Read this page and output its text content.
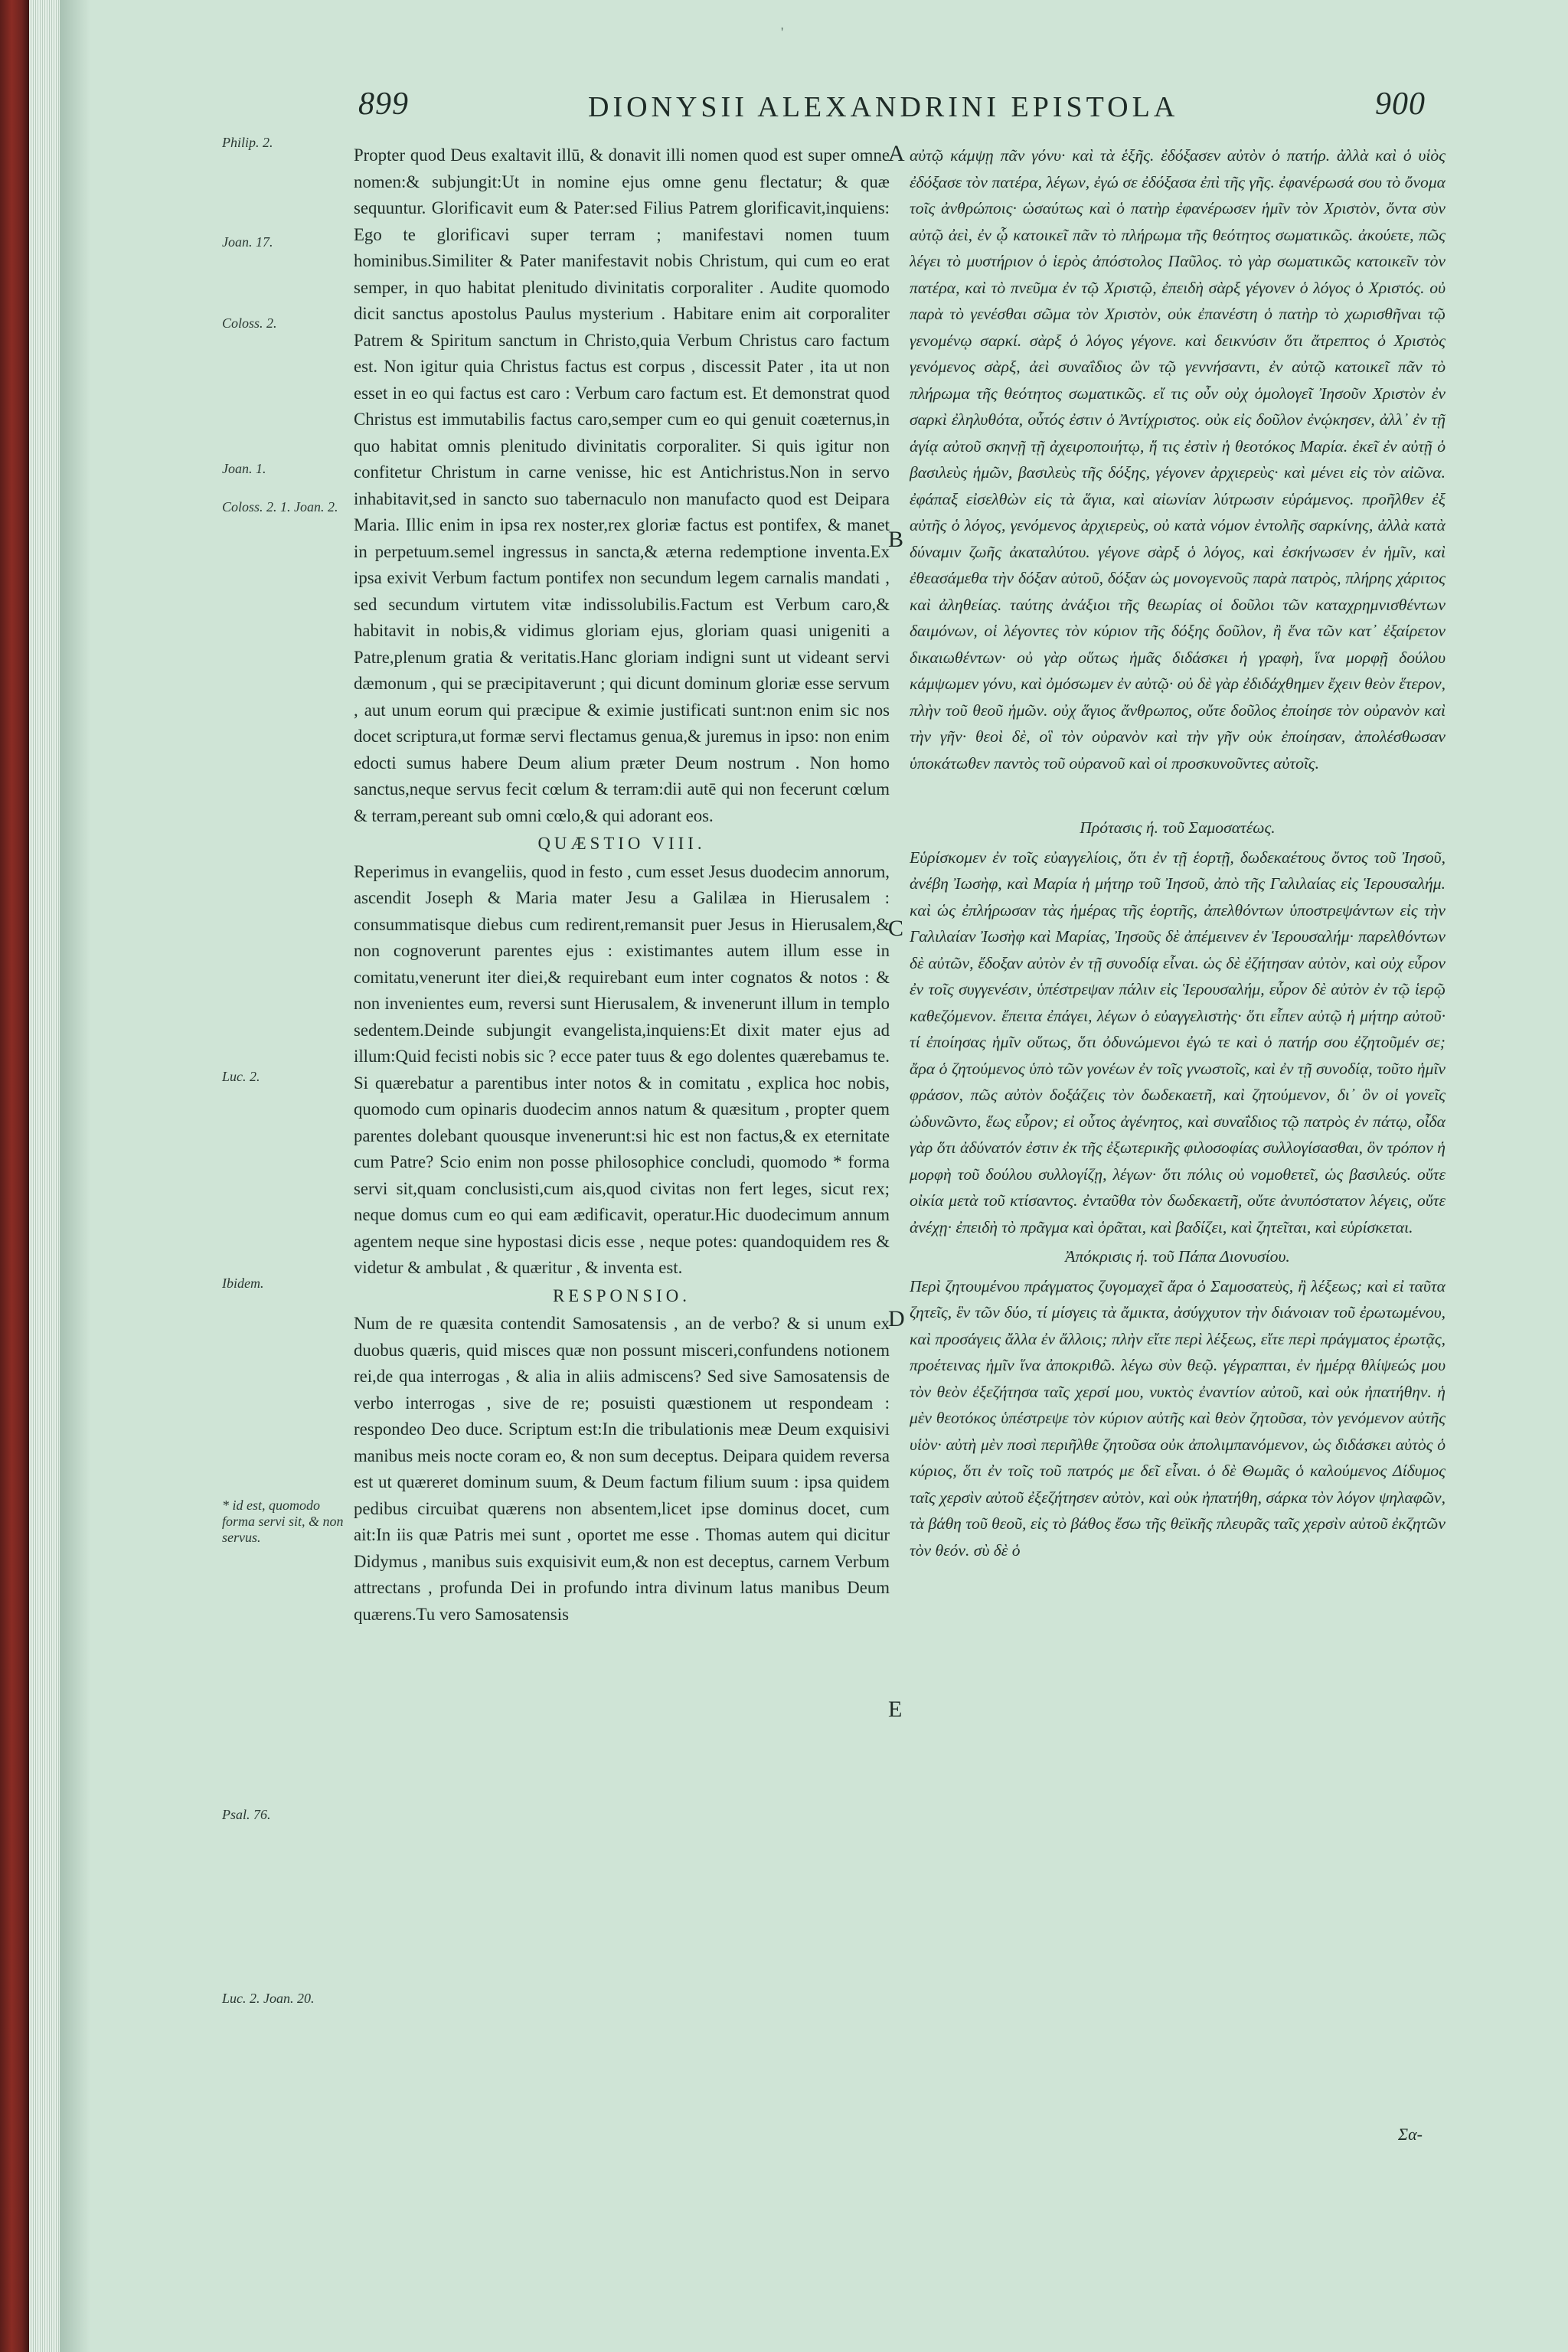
'
899	DIONYSII ALEXANDRINI EPISTOLA	900
Philip. 2.
Joan. 17.
Coloss. 2.
Joan. 1.
Coloss. 2. 1. Joan. 2.
Luc. 2.
Ibidem.
* id est, quomodo forma servi sit, & non servus.
Psal. 76.
Luc. 2. Joan. 20.
A
B
C
D
E

Propter quod Deus exaltavit illū, & donavit illi nomen quod est super omne nomen:& subjungit:Ut in nomine ejus omne genu flectatur; & quæ sequuntur. Glorificavit eum & Pater:sed Filius Patrem glorificavit,inquiens: Ego te glorificavi super terram ; manifestavi nomen tuum hominibus.Similiter & Pater manifestavit nobis Christum, qui cum eo erat semper, in quo habitat plenitudo divinitatis corporaliter . Audite quomodo dicit sanctus apostolus Paulus mysterium . Habitare enim ait corporaliter Patrem & Spiritum sanctum in Christo,quia Verbum Christus caro factum est. Non igitur quia Christus factus est corpus , discessit Pater , ita ut non esset in eo qui factus est caro : Verbum caro factum est. Et demonstrat quod Christus est immutabilis factus caro,semper cum eo qui genuit coæternus,in quo habitat omnis plenitudo divinitatis corporaliter. Si quis igitur non confitetur Christum in carne venisse, hic est Antichristus.Non in servo inhabitavit,sed in sancto suo tabernaculo non manufacto quod est Deipara Maria. Illic enim in ipsa rex noster,rex gloriæ factus est pontifex, & manet in perpetuum.semel ingressus in sancta,& æterna redemptione inventa.Ex ipsa exivit Verbum factum pontifex non secundum legem carnalis mandati , sed secundum virtutem vitæ indissolubilis.Factum est Verbum caro,& habitavit in nobis,& vidimus gloriam ejus, gloriam quasi unigeniti a Patre,plenum gratia & veritatis.Hanc gloriam indigni sunt ut videant servi dæmonum , qui se præcipitaverunt ; qui dicunt dominum gloriæ esse servum , aut unum eorum qui præcipue & eximie justificati sunt:non enim sic nos docet scriptura,ut formæ servi flectamus genua,& juremus in ipso: non enim edocti sumus habere Deum alium præter Deum nostrum . Non homo sanctus,neque servus fecit cœlum & terram:dii autē qui non fecerunt cœlum & terram,pereant sub omni cœlo,& qui adorant eos.

QUÆSTIO VIII.

Reperimus in evangeliis, quod in festo , cum esset Jesus duodecim annorum, ascendit Joseph & Maria mater Jesu a Galilæa in Hierusalem : consummatisque diebus cum redirent,remansit puer Jesus in Hierusalem,& non cognoverunt parentes ejus : existimantes autem illum esse in comitatu,venerunt iter diei,& requirebant eum inter cognatos & notos : & non invenientes eum, reversi sunt Hierusalem, & invenerunt illum in templo sedentem.Deinde subjungit evangelista,inquiens:Et dixit mater ejus ad illum:Quid fecisti nobis sic ? ecce pater tuus & ego dolentes quærebamus te. Si quærebatur a parentibus inter notos & in comitatu , explica hoc nobis, quomodo cum opinaris duodecim annos natum & quæsitum , propter quem parentes dolebant quousque invenerunt:si hic est non factus,& ex eternitate cum Patre? Scio enim non posse philosophice concludi, quomodo * forma servi sit,quam conclusisti,cum ais,quod civitas non fert leges, sicut rex; neque domus cum eo qui eam ædificavit, operatur.Hic duodecimum annum agentem neque sine hypostasi dicis esse , neque potes: quandoquidem res & videtur & ambulat , & quæritur , & inventa est.

RESPONSIO.

Num de re quæsita contendit Samosatensis , an de verbo? & si unum ex duobus quæris, quid misces quæ non possunt misceri,confundens notionem rei,de qua interrogas , & alia in aliis admiscens? Sed sive Samosatensis de verbo interrogas , sive de re; posuisti quæstionem ut respondeam : respondeo Deo duce. Scriptum est:In die tribulationis meæ Deum exquisivi manibus meis nocte coram eo, & non sum deceptus. Deipara quidem reversa est ut quæreret dominum suum, & Deum factum filium suum : ipsa quidem pedibus circuibat quærens non absentem,licet ipse dominus docet, cum ait:In iis quæ Patris mei sunt , oportet me esse . Thomas autem qui dicitur Didymus , manibus suis exquisivit eum,& non est deceptus, carnem Verbum attrectans , profunda Dei in profundo intra divinum latus manibus Deum quærens.Tu vero Samosatensis

αὐτῷ κάμψῃ πᾶν γόνυ· καὶ τὰ ἑξῆς. ἐδόξασεν αὐτὸν ὁ πατήρ. ἀλλὰ καὶ ὁ υἱὸς ἐδόξασε τὸν πατέρα, λέγων, ἐγώ σε ἐδόξασα ἐπὶ τῆς γῆς. ἐφανέρωσά σου τὸ ὄνομα τοῖς ἀνθρώποις· ὡσαύτως καὶ ὁ πατὴρ ἐφανέρωσεν ἡμῖν τὸν Χριστὸν, ὄντα σὺν αὐτῷ ἀεὶ, ἐν ᾧ κατοικεῖ πᾶν τὸ πλήρωμα τῆς θεότητος σωματικῶς. ἀκούετε, πῶς λέγει τὸ μυστήριον ὁ ἱερὸς ἀπόστολος Παῦλος. τὸ γὰρ σωματικῶς κατοικεῖν τὸν πατέρα, καὶ τὸ πνεῦμα ἐν τῷ Χριστῷ, ἐπειδὴ σὰρξ γέγονεν ὁ λόγος ὁ Χριστός. οὐ παρὰ τὸ γενέσθαι σῶμα τὸν Χριστὸν, οὐκ ἐπανέστη ὁ πατὴρ τὸ χωρισθῆναι τῷ γενομένῳ σαρκί. σὰρξ ὁ λόγος γέγονε. καὶ δεικνύσιν ὅτι ἄτρεπτος ὁ Χριστὸς γενόμενος σὰρξ, ἀεὶ συναΐδιος ὢν τῷ γεννήσαντι, ἐν αὐτῷ κατοικεῖ πᾶν τὸ πλήρωμα τῆς θεότητος σωματικῶς. εἴ τις οὖν οὐχ ὁμολογεῖ Ἰησοῦν Χριστὸν ἐν σαρκὶ ἐληλυθότα, οὗτός ἐστιν ὁ Ἀντίχριστος. οὐκ εἰς δοῦλον ἐνῴκησεν, ἀλλ᾽ ἐν τῇ ἁγίᾳ αὐτοῦ σκηνῇ τῇ ἀχειροποιήτῳ, ἥ τις ἐστὶν ἡ θεοτόκος Μαρία. ἐκεῖ ἐν αὐτῇ ὁ βασιλεὺς ἡμῶν, βασιλεὺς τῆς δόξης, γέγονεν ἀρχιερεὺς· καὶ μένει εἰς τὸν αἰῶνα. ἐφάπαξ εἰσελθὼν εἰς τὰ ἅγια, καὶ αἰωνίαν λύτρωσιν εὑράμενος. προῆλθεν ἐξ αὐτῆς ὁ λόγος, γενόμενος ἀρχιερεὺς, οὐ κατὰ νόμον ἐντολῆς σαρκίνης, ἀλλὰ κατὰ δύναμιν ζωῆς ἀκαταλύτου. γέγονε σὰρξ ὁ λόγος, καὶ ἐσκήνωσεν ἐν ἡμῖν, καὶ ἐθεασάμεθα τὴν δόξαν αὐτοῦ, δόξαν ὡς μονογενοῦς παρὰ πατρὸς, πλήρης χάριτος καὶ ἀληθείας. ταύτης ἀνάξιοι τῆς θεωρίας οἱ δοῦλοι τῶν καταχρημνισθέντων δαιμόνων, οἱ λέγοντες τὸν κύριον τῆς δόξης δοῦλον, ἢ ἕνα τῶν κατ᾽ ἐξαίρετον δικαιωθέντων· οὐ γὰρ οὕτως ἡμᾶς διδάσκει ἡ γραφὴ, ἵνα μορφῇ δούλου κάμψωμεν γόνυ, καὶ ὀμόσωμεν ἐν αὐτῷ· οὐ δὲ γὰρ ἐδιδάχθημεν ἔχειν θεὸν ἕτερον, πλὴν τοῦ θεοῦ ἡμῶν. οὐχ ἅγιος ἄνθρωπος, οὔτε δοῦλος ἐποίησε τὸν οὐρανὸν καὶ τὴν γῆν· θεοὶ δὲ, οἳ τὸν οὐρανὸν καὶ τὴν γῆν οὐκ ἐποίησαν, ἀπολέσθωσαν ὑποκάτωθεν παντὸς τοῦ οὐρανοῦ καὶ οἱ προσκυνοῦντες αὐτοῖς.

Πρότασις ή. τοῦ Σαμοσατέως.

Εὑρίσκομεν ἐν τοῖς εὐαγγελίοις, ὅτι ἐν τῇ ἑορτῇ, δωδεκαέτους ὄντος τοῦ Ἰησοῦ, ἀνέβη Ἰωσὴφ, καὶ Μαρία ἡ μήτηρ τοῦ Ἰησοῦ, ἀπὸ τῆς Γαλιλαίας εἰς Ἱερουσαλήμ. καὶ ὡς ἐπλήρωσαν τὰς ἡμέρας τῆς ἑορτῆς, ἀπελθόντων ὑποστρεψάντων εἰς τὴν Γαλιλαίαν Ἰωσὴφ καὶ Μαρίας, Ἰησοῦς δὲ ἀπέμεινεν ἐν Ἱερουσαλήμ· παρελθόντων δὲ αὐτῶν, ἔδοξαν αὐτὸν ἐν τῇ συνοδίᾳ εἶναι. ὡς δὲ ἐζήτησαν αὐτὸν, καὶ οὐχ εὗρον ἐν τοῖς συγγενέσιν, ὑπέστρεψαν πάλιν εἰς Ἱερουσαλήμ, εὗρον δὲ αὐτὸν ἐν τῷ ἱερῷ καθεζόμενον. ἔπειτα ἐπάγει, λέγων ὁ εὐαγγελιστὴς· ὅτι εἶπεν αὐτῷ ἡ μήτηρ αὐτοῦ· τί ἐποίησας ἡμῖν οὕτως, ὅτι ὀδυνώμενοι ἐγώ τε καὶ ὁ πατήρ σου ἐζητοῦμέν σε; ἄρα ὁ ζητούμενος ὑπὸ τῶν γονέων ἐν τοῖς γνωστοῖς, καὶ ἐν τῇ συνοδίᾳ, τοῦτο ἡμῖν φράσον, πῶς αὐτὸν δοξάζεις τὸν δωδεκαετῆ, καὶ ζητούμενον, δι᾽ ὃν οἱ γονεῖς ὠδυνῶντο, ἕως εὗρον; εἰ οὗτος ἀγένητος, καὶ συναΐδιος τῷ πατρὸς ἐν πάτῳ, οἶδα γὰρ ὅτι ἀδύνατόν ἐστιν ἐκ τῆς ἐξωτερικῆς φιλοσοφίας συλλογίσασθαι, ὃν τρόπον ἡ μορφὴ τοῦ δούλου συλλογίζῃ, λέγων· ὅτι πόλις οὐ νομοθετεῖ, ὡς βασιλεύς. οὔτε οἰκία μετὰ τοῦ κτίσαντος. ἐνταῦθα τὸν δωδεκαετῆ, οὔτε ἀνυπόστατον λέγεις, οὔτε ἀνέχῃ· ἐπειδὴ τὸ πρᾶγμα καὶ ὁρᾶται, καὶ βαδίζει, καὶ ζητεῖται, καὶ εὑρίσκεται.

Ἀπόκρισις ή. τοῦ Πάπα Διονυσίου.

Περὶ ζητουμένου πράγματος ζυγομαχεῖ ἄρα ὁ Σαμοσατεὺς, ἢ λέξεως; καὶ εἰ ταῦτα ζητεῖς, ἓν τῶν δύο, τί μίσγεις τὰ ἄμικτα, ἀσύγχυτον τὴν διάνοιαν τοῦ ἐρωτωμένου, καὶ προσάγεις ἄλλα ἐν ἄλλοις; πλὴν εἴτε περὶ λέξεως, εἴτε περὶ πράγματος ἐρωτᾷς, προέτεινας ἡμῖν ἵνα ἀποκριθῶ. λέγω σὺν θεῷ. γέγραπται, ἐν ἡμέρᾳ θλίψεώς μου τὸν θεὸν ἐξεζήτησα ταῖς χερσί μου, νυκτὸς ἐναντίον αὐτοῦ, καὶ οὐκ ἠπατήθην. ἡ μὲν θεοτόκος ὑπέστρεψε τὸν κύριον αὐτῆς καὶ θεὸν ζητοῦσα, τὸν γενόμενον αὐτῆς υἱὸν· αὐτὴ μὲν ποσὶ περιῆλθε ζητοῦσα οὐκ ἀπολιμπανόμενον, ὡς διδάσκει αὐτὸς ὁ κύριος, ὅτι ἐν τοῖς τοῦ πατρός με δεῖ εἶναι. ὁ δὲ Θωμᾶς ὁ καλούμενος Δίδυμος ταῖς χερσὶν αὐτοῦ ἐξεζήτησεν αὐτὸν, καὶ οὐκ ἠπατήθη, σάρκα τὸν λόγον ψηλαφῶν, τὰ βάθη τοῦ θεοῦ, εἰς τὸ βάθος ἔσω τῆς θεϊκῆς πλευρᾶς ταῖς χερσὶν αὐτοῦ ἐκζητῶν τὸν θεόν. σὺ δὲ ὁ

Σα-
